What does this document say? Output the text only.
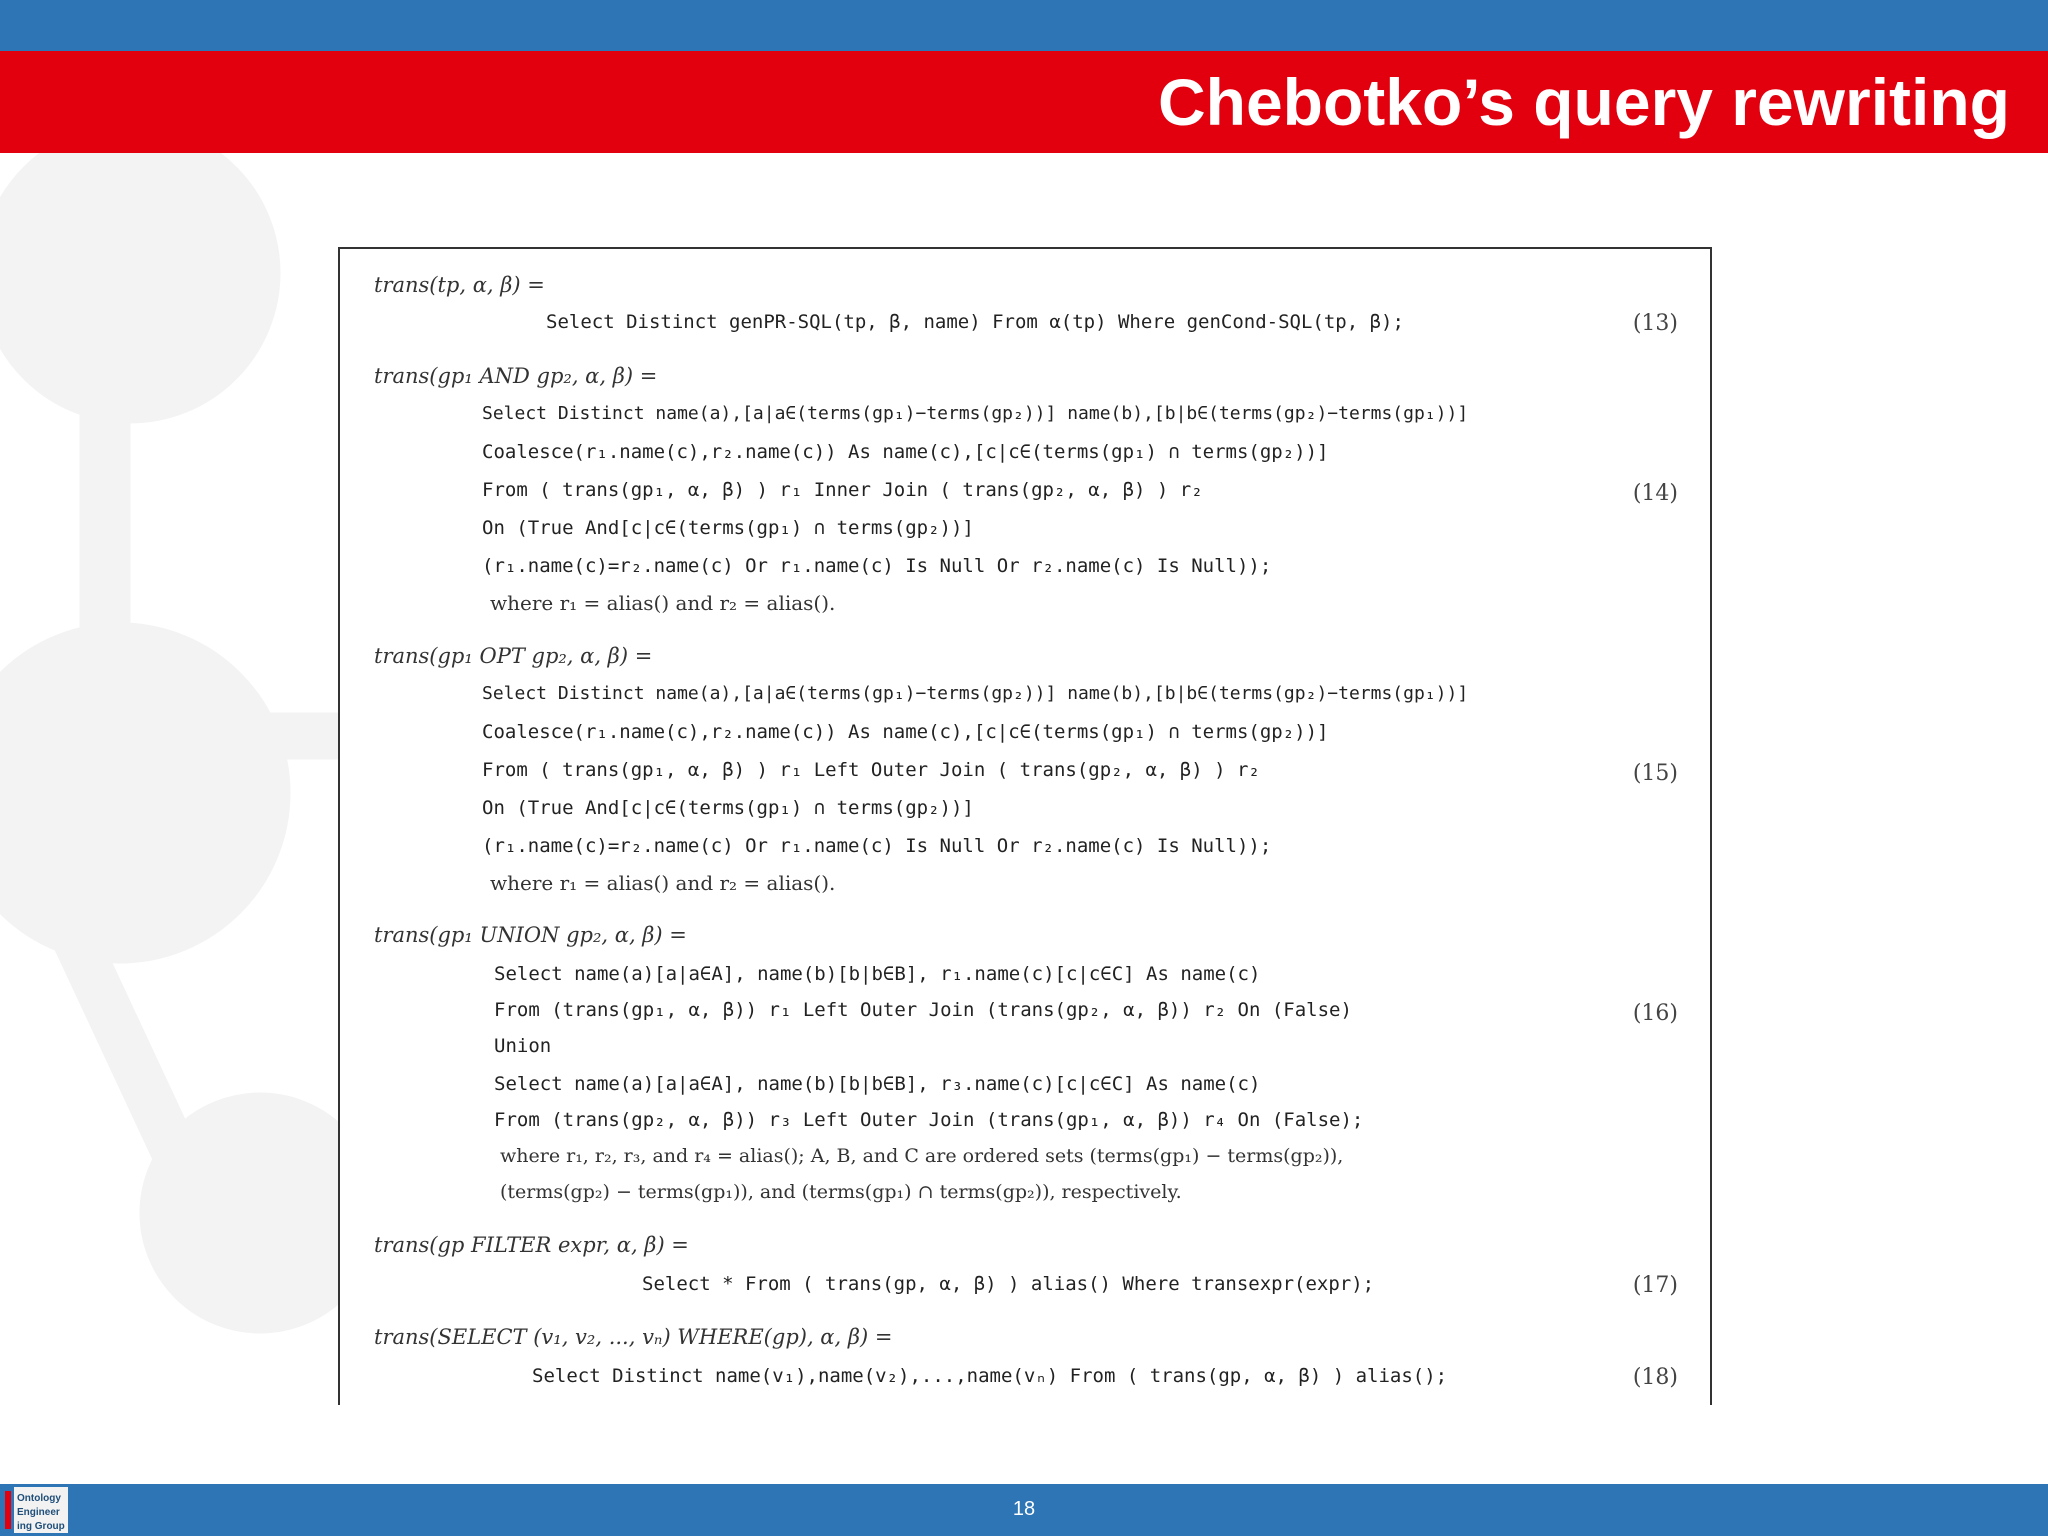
Chebotko’s query rewriting
trans(tp, α, β) =
Select Distinct genPR-SQL(tp, β, name) From α(tp) Where genCond-SQL(tp, β);	(13)
trans(gp₁ AND gp₂, α, β) =
Select Distinct name(a),[a|a∈(terms(gp₁)−terms(gp₂))] name(b),[b|b∈(terms(gp₂)−terms(gp₁))]
Coalesce(r₁.name(c),r₂.name(c)) As name(c),[c|c∈(terms(gp₁) ∩ terms(gp₂))]
From ( trans(gp₁, α, β) ) r₁ Inner Join ( trans(gp₂, α, β) ) r₂	(14)
On (True And[c|c∈(terms(gp₁) ∩ terms(gp₂))]
(r₁.name(c)=r₂.name(c) Or r₁.name(c) Is Null Or r₂.name(c) Is Null));
where r₁ = alias() and r₂ = alias().
trans(gp₁ OPT gp₂, α, β) =
Select Distinct name(a),[a|a∈(terms(gp₁)−terms(gp₂))] name(b),[b|b∈(terms(gp₂)−terms(gp₁))]
Coalesce(r₁.name(c),r₂.name(c)) As name(c),[c|c∈(terms(gp₁) ∩ terms(gp₂))]
From ( trans(gp₁, α, β) ) r₁ Left Outer Join ( trans(gp₂, α, β) ) r₂	(15)
On (True And[c|c∈(terms(gp₁) ∩ terms(gp₂))]
(r₁.name(c)=r₂.name(c) Or r₁.name(c) Is Null Or r₂.name(c) Is Null));
where r₁ = alias() and r₂ = alias().
trans(gp₁ UNION gp₂, α, β) =
Select name(a)[a|a∈A], name(b)[b|b∈B], r₁.name(c)[c|c∈C] As name(c)
From (trans(gp₁, α, β)) r₁ Left Outer Join (trans(gp₂, α, β)) r₂ On (False)	(16)
Union
Select name(a)[a|a∈A], name(b)[b|b∈B], r₃.name(c)[c|c∈C] As name(c)
From (trans(gp₂, α, β)) r₃ Left Outer Join (trans(gp₁, α, β)) r₄ On (False);
where r₁, r₂, r₃, and r₄ = alias(); A, B, and C are ordered sets (terms(gp₁) − terms(gp₂)),
(terms(gp₂) − terms(gp₁)), and (terms(gp₁) ∩ terms(gp₂)), respectively.
trans(gp FILTER expr, α, β) =
Select * From ( trans(gp, α, β) ) alias() Where transexpr(expr);	(17)
trans(SELECT (v₁, v₂, ..., vₙ) WHERE(gp), α, β) =
Select Distinct name(v₁),name(v₂),...,name(vₙ) From ( trans(gp, α, β) ) alias();	(18)
Ontology
Engineer
ing Group
18
